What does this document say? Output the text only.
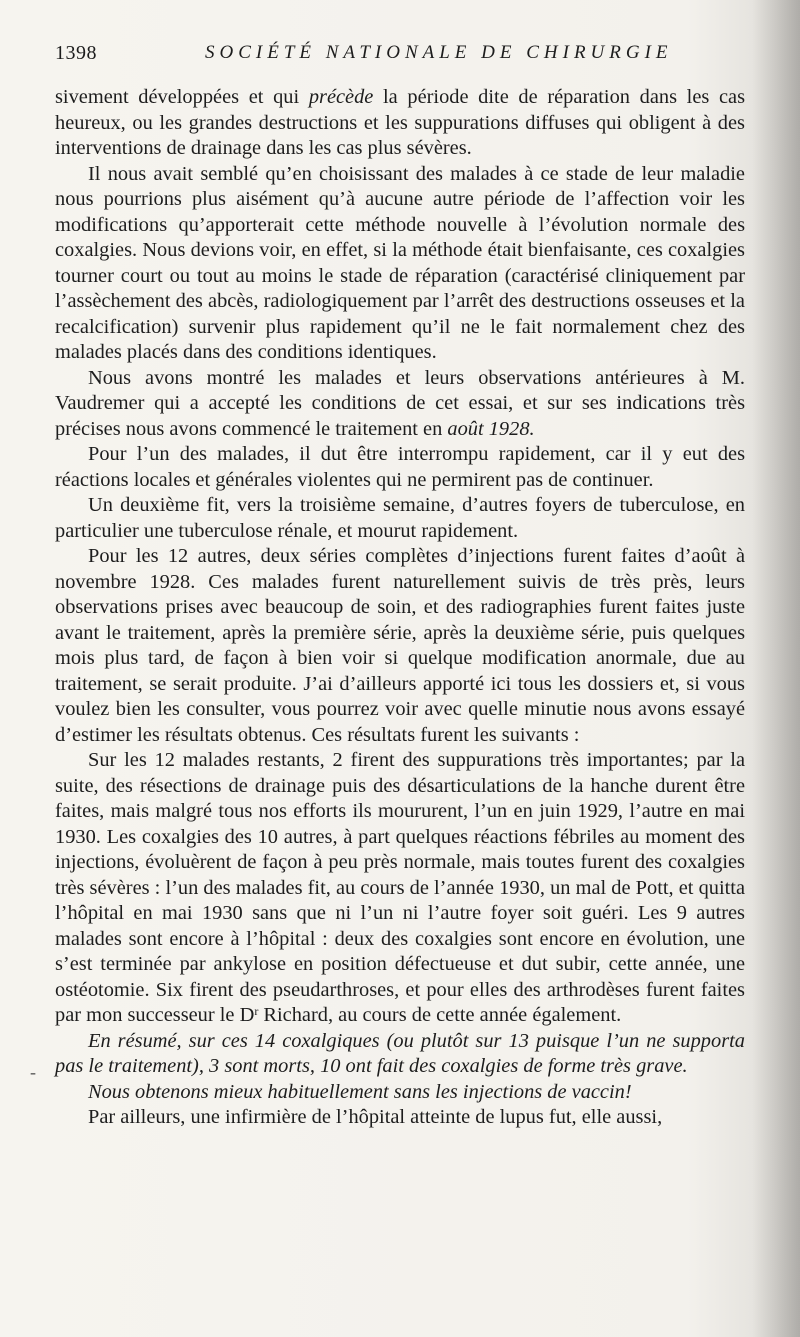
1398	SOCIÉTÉ NATIONALE DE CHIRURGIE

sivement développées et qui précède la période dite de réparation dans les cas heureux, ou les grandes destructions et les suppurations diffuses qui obligent à des interventions de drainage dans les cas plus sévères.

Il nous avait semblé qu’en choisissant des malades à ce stade de leur maladie nous pourrions plus aisément qu’à aucune autre période de l’affection voir les modifications qu’apporterait cette méthode nouvelle à l’évolution normale des coxalgies. Nous devions voir, en effet, si la méthode était bienfaisante, ces coxalgies tourner court ou tout au moins le stade de réparation (caractérisé cliniquement par l’assèchement des abcès, radiologiquement par l’arrêt des destructions osseuses et la recalcification) survenir plus rapidement qu’il ne le fait normalement chez des malades placés dans des conditions identiques.

Nous avons montré les malades et leurs observations antérieures à M. Vaudremer qui a accepté les conditions de cet essai, et sur ses indications très précises nous avons commencé le traitement en août 1928.

Pour l’un des malades, il dut être interrompu rapidement, car il y eut des réactions locales et générales violentes qui ne permirent pas de continuer.

Un deuxième fit, vers la troisième semaine, d’autres foyers de tuberculose, en particulier une tuberculose rénale, et mourut rapidement.

Pour les 12 autres, deux séries complètes d’injections furent faites d’août à novembre 1928. Ces malades furent naturellement suivis de très près, leurs observations prises avec beaucoup de soin, et des radiographies furent faites juste avant le traitement, après la première série, après la deuxième série, puis quelques mois plus tard, de façon à bien voir si quelque modification anormale, due au traitement, se serait produite. J’ai d’ailleurs apporté ici tous les dossiers et, si vous voulez bien les consulter, vous pourrez voir avec quelle minutie nous avons essayé d’estimer les résultats obtenus. Ces résultats furent les suivants :

Sur les 12 malades restants, 2 firent des suppurations très importantes; par la suite, des résections de drainage puis des désarticulations de la hanche durent être faites, mais malgré tous nos efforts ils moururent, l’un en juin 1929, l’autre en mai 1930. Les coxalgies des 10 autres, à part quelques réactions fébriles au moment des injections, évoluèrent de façon à peu près normale, mais toutes furent des coxalgies très sévères : l’un des malades fit, au cours de l’année 1930, un mal de Pott, et quitta l’hôpital en mai 1930 sans que ni l’un ni l’autre foyer soit guéri. Les 9 autres malades sont encore à l’hôpital : deux des coxalgies sont encore en évolution, une s’est terminée par ankylose en position défectueuse et dut subir, cette année, une ostéotomie. Six firent des pseudarthroses, et pour elles des arthrodèses furent faites par mon successeur le $D^r$ Richard, au cours de cette année également.

En résumé, sur ces 14 coxalgiques (ou plutôt sur 13 puisque l’un ne supporta pas le traitement), 3 sont morts, 10 ont fait des coxalgies de forme très grave.

Nous obtenons mieux habituellement sans les injections de vaccin!

Par ailleurs, une infirmière de l’hôpital atteinte de lupus fut, elle aussi,

-
